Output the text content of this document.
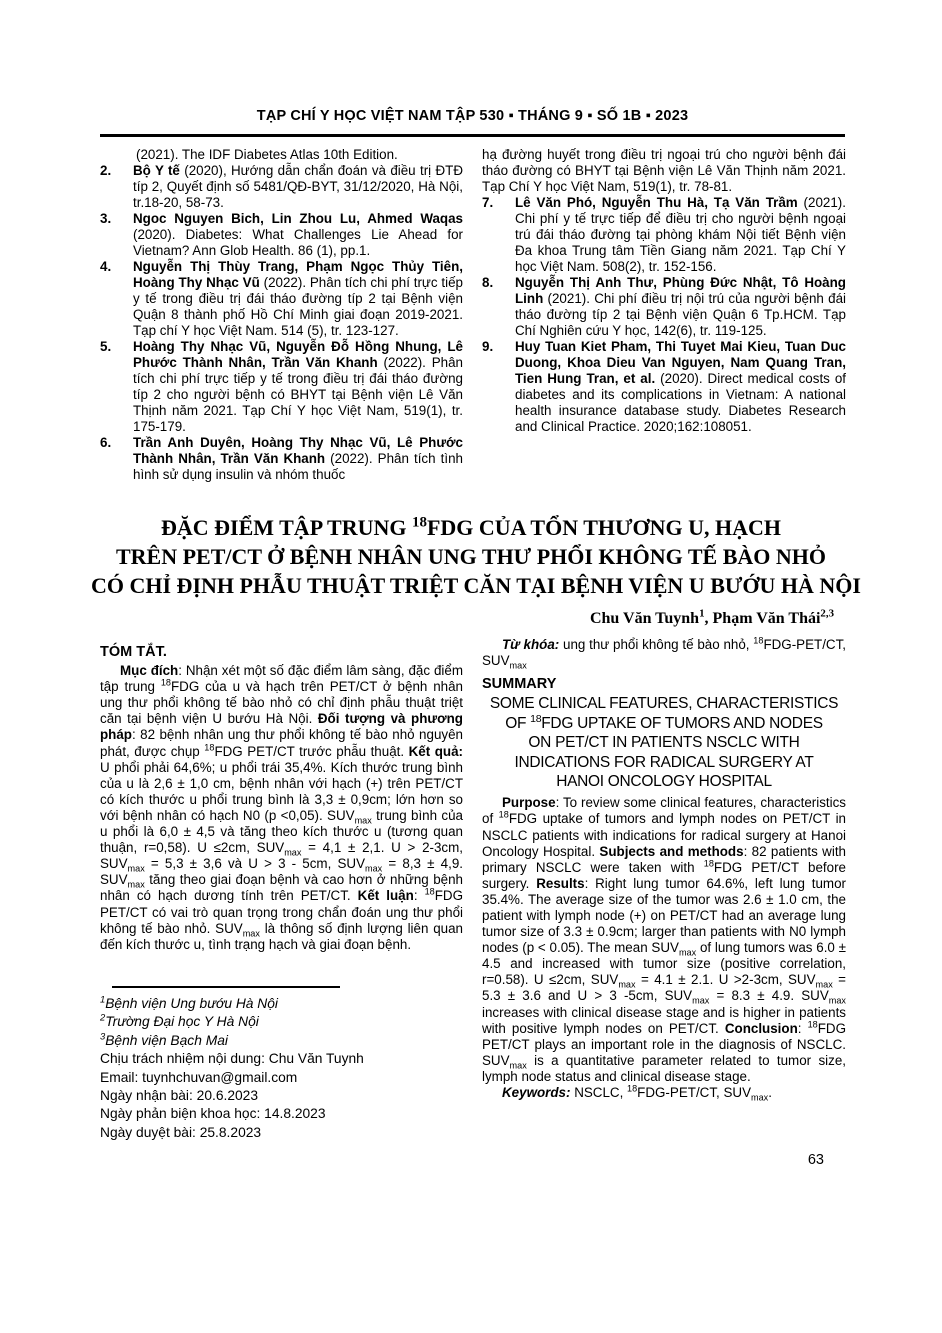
TẠP CHÍ Y HỌC VIỆT NAM TẬP 530 ▪ THÁNG 9 ▪ SỐ 1B ▪ 2023
(2021). The IDF Diabetes Atlas 10th Edition.
2. Bộ Y tế (2020), Hướng dẫn chẩn đoán và điều trị ĐTĐ típ 2, Quyết định số 5481/QĐ-BYT, 31/12/2020, Hà Nội, tr.18-20, 58-73.
3. Ngoc Nguyen Bich, Lin Zhou Lu, Ahmed Waqas (2020). Diabetes: What Challenges Lie Ahead for Vietnam? Ann Glob Health. 86 (1), pp.1.
4. Nguyễn Thị Thùy Trang, Phạm Ngọc Thủy Tiên, Hoàng Thy Nhạc Vũ (2022). Phân tích chi phí trực tiếp y tế trong điều trị đái tháo đường típ 2 tại Bệnh viện Quận 8 thành phố Hồ Chí Minh giai đoạn 2019-2021. Tạp chí Y học Việt Nam. 514 (5), tr. 123-127.
5. Hoàng Thy Nhạc Vũ, Nguyễn Đỗ Hồng Nhung, Lê Phước Thành Nhân, Trần Văn Khanh (2022). Phân tích chi phí trực tiếp y tế trong điều trị đái tháo đường típ 2 cho người bệnh có BHYT tại Bệnh viện Lê Văn Thịnh năm 2021. Tạp Chí Y học Việt Nam, 519(1), tr. 175-179.
6. Trần Anh Duyên, Hoàng Thy Nhạc Vũ, Lê Phước Thành Nhân, Trần Văn Khanh (2022). Phân tích tình hình sử dụng insulin và nhóm thuốc
hạ đường huyết trong điều trị ngoại trú cho người bệnh đái tháo đường có BHYT tại Bệnh viện Lê Văn Thịnh năm 2021. Tạp Chí Y học Việt Nam, 519(1), tr. 78-81.
7. Lê Văn Phó, Nguyễn Thu Hà, Tạ Văn Trầm (2021). Chi phí y tế trực tiếp để điều trị cho người bệnh ngoại trú đái tháo đường tại phòng khám Nội tiết Bệnh viện Đa khoa Trung tâm Tiền Giang năm 2021. Tạp Chí Y học Việt Nam. 508(2), tr. 152-156.
8. Nguyễn Thị Anh Thư, Phùng Đức Nhật, Tô Hoàng Linh (2021). Chi phí điều trị nội trú của người bệnh đái tháo đường típ 2 tại Bệnh viện Quận 6 Tp.HCM. Tạp Chí Nghiên cứu Y học, 142(6), tr. 119-125.
9. Huy Tuan Kiet Pham, Thi Tuyet Mai Kieu, Tuan Duc Duong, Khoa Dieu Van Nguyen, Nam Quang Tran, Tien Hung Tran, et al. (2020). Direct medical costs of diabetes and its complications in Vietnam: A national health insurance database study. Diabetes Research and Clinical Practice. 2020;162:108051.
ĐẶC ĐIỂM TẬP TRUNG $^{18}$FDG CỦA TỔN THƯƠNG U, HẠCH
TRÊN PET/CT Ở BỆNH NHÂN UNG THƯ PHỔI KHÔNG TẾ BÀO NHỎ
CÓ CHỈ ĐỊNH PHẪU THUẬT TRIỆT CĂN TẠI BỆNH VIỆN U BƯỚU HÀ NỘI
Chu Văn Tuynh$^1$, Phạm Văn Thái$^{2,3}$
TÓM TẮT.

Mục đích: Nhận xét một số đặc điểm lâm sàng, đặc điểm tập trung $^{18}$FDG của u và hạch trên PET/CT ở bệnh nhân ung thư phổi không tế bào nhỏ có chỉ định phẫu thuật triệt căn tại bệnh viện U bướu Hà Nội. Đối tượng và phương pháp: 82 bệnh nhân ung thư phổi không tế bào nhỏ nguyên phát, được chụp $^{18}$FDG PET/CT trước phẫu thuật. Kết quả: U phổi phải 64,6%; u phổi trái 35,4%. Kích thước trung bình của u là 2,6 ± 1,0 cm, bệnh nhân với hạch (+) trên PET/CT có kích thước u phổi trung bình là 3,3 ± 0,9cm; lớn hơn so với bệnh nhân có hạch N0 (p <0,05). $SUV_{max}$ trung bình của u phổi là 6,0 ± 4,5 và tăng theo kích thước u (tương quan thuận, r=0,58). U ≤2cm, $SUV_{max} = 4,1 \pm 2,1$. U > 2-3cm, $SUV_{max} = 5,3 \pm 3,6$ và U > 3 - 5cm, $SUV_{max} = 8,3 \pm 4,9$. $SUV_{max}$ tăng theo giai đoạn bệnh và cao hơn ở những bệnh nhân có hạch dương tính trên PET/CT. Kết luận: $^{18}$FDG PET/CT có vai trò quan trọng trong chẩn đoán ung thư phổi không tế bào nhỏ. $SUV_{max}$ là thông số định lượng liên quan đến kích thước u, tình trạng hạch và giai đoạn bệnh.

Từ khóa: ung thư phổi không tế bào nhỏ, $^{18}$FDG-PET/CT, $SUV_{max}$

SUMMARY
SOME CLINICAL FEATURES, CHARACTERISTICS
OF $^{18}$FDG UPTAKE OF TUMORS AND NODES
ON PET/CT IN PATIENTS NSCLC WITH
INDICATIONS FOR RADICAL SURGERY AT
HANOI ONCOLOGY HOSPITAL

Purpose: To review some clinical features, characteristics of $^{18}$FDG uptake of tumors and lymph nodes on PET/CT in NSCLC patients with indications for radical surgery at Hanoi Oncology Hospital. Subjects and methods: 82 patients with primary NSCLC were taken with $^{18}$FDG PET/CT before surgery. Results: Right lung tumor 64.6%, left lung tumor 35.4%. The average size of the tumor was 2.6 ± 1.0 cm, the patient with lymph node (+) on PET/CT had an average lung tumor size of 3.3 ± 0.9cm; larger than patients with N0 lymph nodes (p < 0.05). The mean $SUV_{max}$ of lung tumors was 6.0 ± 4.5 and increased with tumor size (positive correlation, r=0.58). U ≤2cm, $SUV_{max} = 4.1 \pm 2.1$. U >2-3cm, $SUV_{max} = 5.3 \pm 3.6$ and U > 3 -5cm, $SUV_{max} = 8.3 \pm 4.9$. $SUV_{max}$ increases with clinical disease stage and is higher in patients with positive lymph nodes on PET/CT. Conclusion: $^{18}$FDG PET/CT plays an important role in the diagnosis of NSCLC. $SUV_{max}$ is a quantitative parameter related to tumor size, lymph node status and clinical disease stage.

Keywords: NSCLC, $^{18}$FDG-PET/CT, $SUV_{max}$.

$^1$Bệnh viện Ung bướu Hà Nội
$^2$Trường Đại học Y Hà Nội
$^3$Bệnh viện Bạch Mai
Chịu trách nhiệm nội dung: Chu Văn Tuynh
Email: tuynhchuvan@gmail.com
Ngày nhận bài: 20.6.2023
Ngày phản biện khoa học: 14.8.2023
Ngày duyệt bài: 25.8.2023
63
